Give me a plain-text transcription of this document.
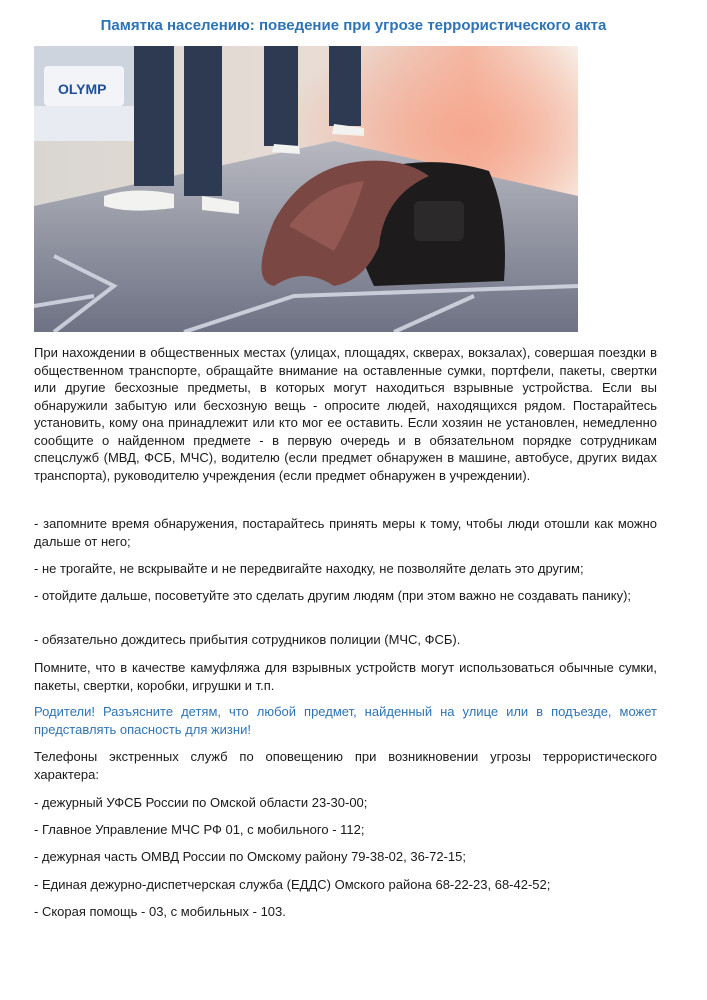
Памятка населению: поведение при угрозе террористического акта
OLYMP

При нахождении в общественных местах (улицах, площадях, скверах, вокзалах), совершая поездки в общественном транспорте, обращайте внимание на оставленные сумки, портфели, пакеты, свертки или другие бесхозные предметы, в которых могут находиться взрывные устройства. Если вы обнаружили забытую или бесхозную вещь - опросите людей, находящихся рядом. Постарайтесь установить, кому она принадлежит или кто мог ее оставить. Если хозяин не установлен, немедленно сообщите о найденном предмете - в первую очередь и в обязательном порядке сотрудникам спецслужб (МВД, ФСБ, МЧС), водителю (если предмет обнаружен в машине, автобусе, других видах транспорта), руководителю учреждения (если предмет обнаружен в учреждении).

- запомните время обнаружения, постарайтесь принять меры к тому, чтобы люди отошли как можно дальше от него;

- не трогайте, не вскрывайте и не передвигайте находку, не позволяйте делать это другим;

- отойдите дальше, посоветуйте это сделать другим людям (при этом важно не создавать панику);

- обязательно дождитесь прибытия сотрудников полиции (МЧС, ФСБ).

Помните, что в качестве камуфляжа для взрывных устройств могут использоваться обычные сумки, пакеты, свертки, коробки, игрушки и т.п.

Родители! Разъясните детям, что любой предмет, найденный на улице или в подъезде, может представлять опасность для жизни!

Телефоны экстренных служб по оповещению при возникновении угрозы террористического характера:

- дежурный УФСБ России по Омской области 23-30-00;

- Главное Управление МЧС РФ 01, с мобильного - 112;

- дежурная часть ОМВД России по Омскому району 79-38-02, 36-72-15;

- Единая дежурно-диспетчерская служба (ЕДДС) Омского района 68-22-23, 68-42-52;

- Скорая помощь - 03, с мобильных - 103.
